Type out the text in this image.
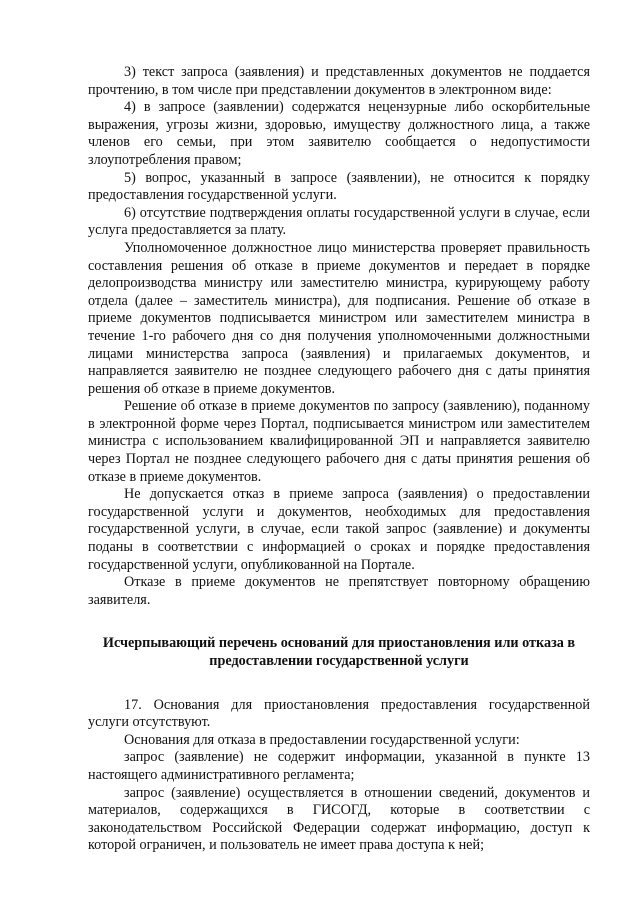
3) текст запроса (заявления) и представленных документов не поддается прочтению, в том числе при представлении документов в электронном виде:

4) в запросе (заявлении) содержатся нецензурные либо оскорбительные выражения, угрозы жизни, здоровью, имуществу должностного лица, а также членов его семьи, при этом заявителю сообщается о недопустимости злоупотребления правом;

5) вопрос, указанный в запросе (заявлении), не относится к порядку предоставления государственной услуги.

6) отсутствие подтверждения оплаты государственной услуги в случае, если услуга предоставляется за плату.

Уполномоченное должностное лицо министерства проверяет правильность составления решения об отказе в приеме документов и передает в порядке делопроизводства министру или заместителю министра, курирующему работу отдела (далее – заместитель министра), для подписания. Решение об отказе в приеме документов подписывается министром или заместителем министра в течение 1-го рабочего дня со дня получения уполномоченными должностными лицами министерства запроса (заявления) и прилагаемых документов, и направляется заявителю не позднее следующего рабочего дня с даты принятия решения об отказе в приеме документов.

Решение об отказе в приеме документов по запросу (заявлению), поданному в электронной форме через Портал, подписывается министром или заместителем министра с использованием квалифицированной ЭП и направляется заявителю через Портал не позднее следующего рабочего дня с даты принятия решения об отказе в приеме документов.

Не допускается отказ в приеме запроса (заявления) о предоставлении государственной услуги и документов, необходимых для предоставления государственной услуги, в случае, если такой запрос (заявление) и документы поданы в соответствии с информацией о сроках и порядке предоставления государственной услуги, опубликованной на Портале.

Отказе в приеме документов не препятствует повторному обращению заявителя.

Исчерпывающий перечень оснований для приостановления или отказа в предоставлении государственной услуги

17. Основания для приостановления предоставления государственной услуги отсутствуют.

Основания для отказа в предоставлении государственной услуги:

запрос (заявление) не содержит информации, указанной в пункте 13 настоящего административного регламента;

запрос (заявление) осуществляется в отношении сведений, документов и материалов, содержащихся в ГИСОГД, которые в соответствии с законодательством Российской Федерации содержат информацию, доступ к которой ограничен, и пользователь не имеет права доступа к ней;
